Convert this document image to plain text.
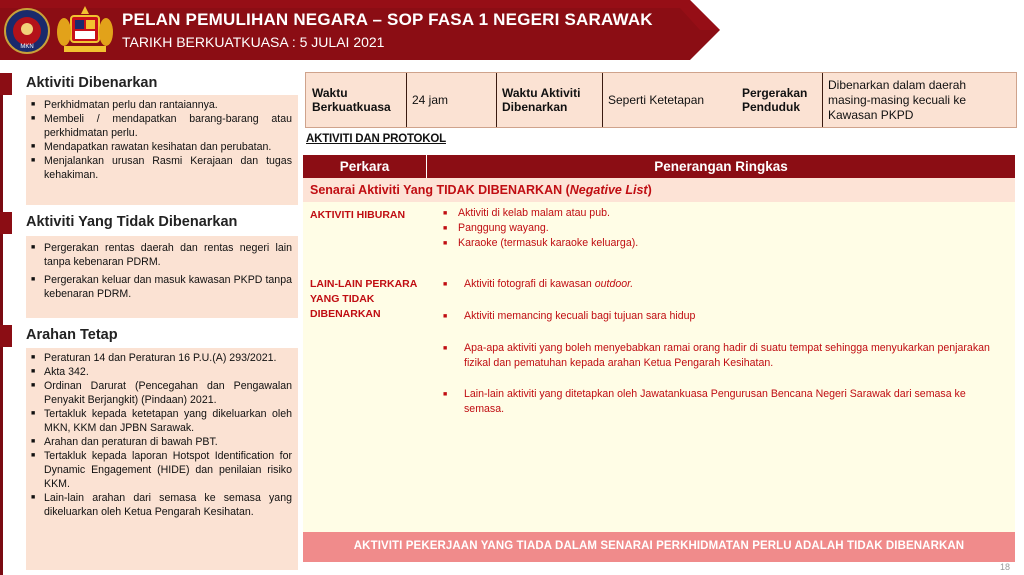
MKN
PELAN PEMULIHAN NEGARA – SOP FASA 1 NEGERI SARAWAK
TARIKH BERKUATKUASA : 5 JULAI 2021
Aktiviti Dibenarkan
■ Perkhidmatan perlu dan rantaiannya.
■ Membeli / mendapatkan barang-barang atau perkhidmatan perlu.
■ Mendapatkan rawatan kesihatan dan perubatan.
■ Menjalankan urusan Rasmi Kerajaan dan tugas kehakiman.
Aktiviti Yang Tidak Dibenarkan
■ Pergerakan rentas daerah dan rentas negeri lain tanpa kebenaran PDRM.
■ Pergerakan keluar dan masuk kawasan PKPD tanpa kebenaran PDRM.
Arahan Tetap
■ Peraturan 14 dan Peraturan 16 P.U.(A) 293/2021.
■ Akta 342.
■ Ordinan Darurat (Pencegahan dan Pengawalan Penyakit Berjangkit) (Pindaan) 2021.
■ Tertakluk kepada ketetapan yang dikeluarkan oleh MKN, KKM dan JPBN Sarawak.
■ Arahan dan peraturan di bawah PBT.
■ Tertakluk kepada laporan Hotspot Identification for Dynamic Engagement (HIDE) dan penilaian risiko KKM.
■ Lain-lain arahan dari semasa ke semasa yang dikeluarkan oleh Ketua Pengarah Kesihatan.
Waktu Berkuatkuasa	24 jam	Waktu Aktiviti Dibenarkan	Seperti Ketetapan	Pergerakan Penduduk
Dibenarkan dalam daerah masing-masing kecuali ke Kawasan PKPD
AKTIVITI DAN PROTOKOL
Perkara	Penerangan Ringkas
Senarai Aktiviti Yang TIDAK DIBENARKAN (Negative List)
AKTIVITI HIBURAN
■	Aktiviti di kelab malam atau pub.
■ Panggung wayang.
■ Karaoke (termasuk karaoke keluarga).
LAIN-LAIN PERKARA
YANG TIDAK
DIBENARKAN
■ Aktiviti fotografi di kawasan outdoor.
■ Aktiviti memancing kecuali bagi tujuan sara hidup
■ Apa-apa aktiviti yang boleh menyebabkan ramai orang hadir di suatu tempat sehingga menyukarkan penjarakan fizikal dan pematuhan kepada arahan Ketua Pengarah Kesihatan.
■ Lain-lain aktiviti yang ditetapkan oleh Jawatankuasa Pengurusan Bencana Negeri Sarawak dari semasa ke semasa.
AKTIVITI PEKERJAAN YANG TIADA DALAM SENARAI PERKHIDMATAN PERLU ADALAH TIDAK DIBENARKAN
18
